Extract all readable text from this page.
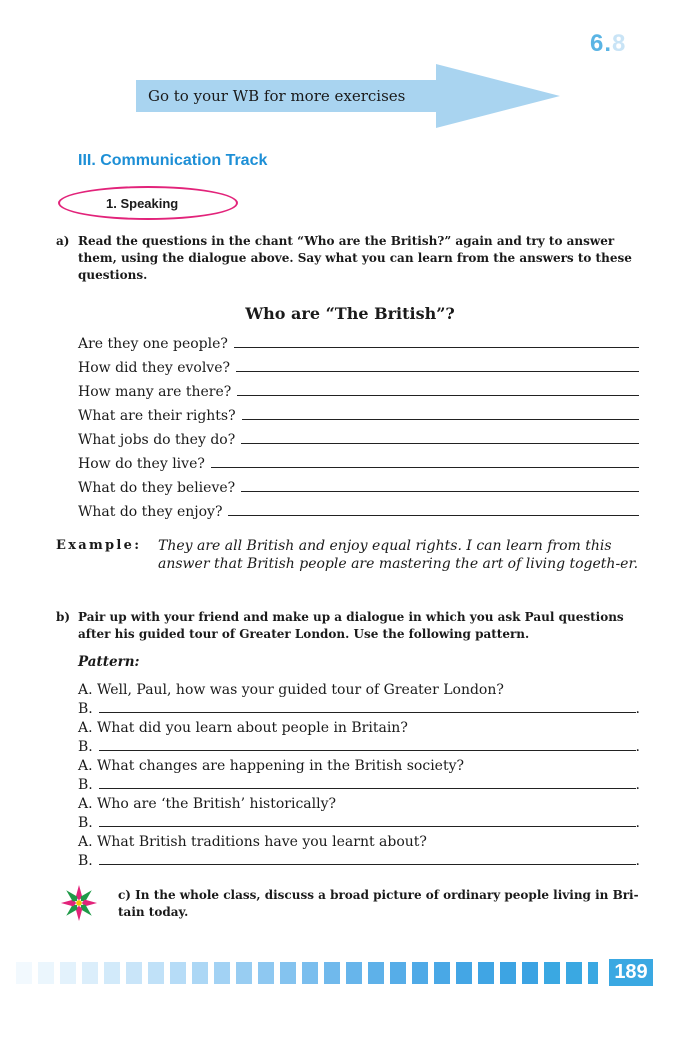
6.8
Go to your WB for more exercises
III. Communication Track
1. Speaking
a) Read the questions in the chant “Who are the British?” again and try to answer them, using the dialogue above. Say what you can learn from the answers to these questions.
Who are “The British”?
Are they one people?
How did they evolve?
How many are there?
What are their rights?
What jobs do they do?
How do they live?
What do they believe?
What do they enjoy?
Example: They are all British and enjoy equal rights. I can learn from this answer that British people are mastering the art of living togeth-er.
b) Pair up with your friend and make up a dialogue in which you ask Paul questions after his guided tour of Greater London. Use the following pattern.
Pattern:
A. Well, Paul, how was your guided tour of Greater London?
B.	.
A. What did you learn about people in Britain?
B.	.
A. What changes are happening in the British society?
B.	.
A. Who are ‘the British’ historically?
B.	.
A. What British traditions have you learnt about?
B.	.
c) In the whole class, discuss a broad picture of ordinary people living in Bri-tain today.
189
